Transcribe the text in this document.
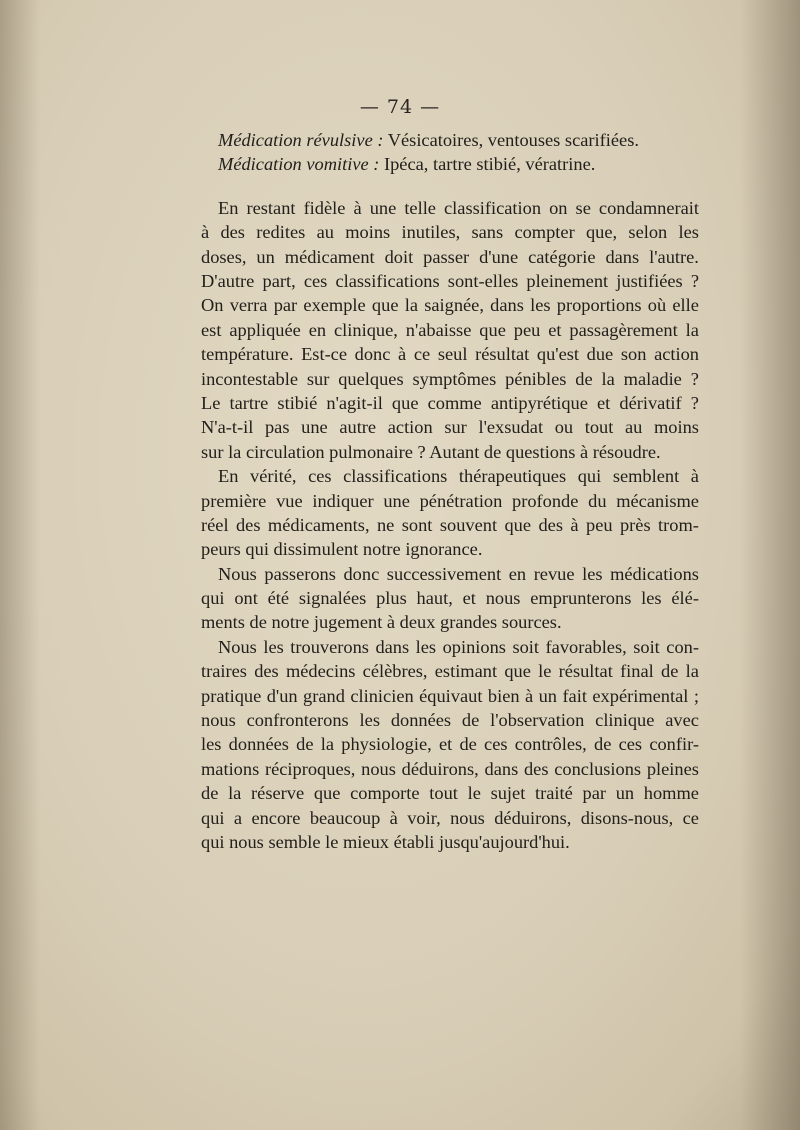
— 74 —
Médication révulsive : Vésicatoires, ventouses scarifiées.
Médication vomitive : Ipéca, tartre stibié, vératrine.
En restant fidèle à une telle classification on se condamnerait
à des redites au moins inutiles, sans compter que, selon les
doses, un médicament doit passer d'une catégorie dans l'autre.
D'autre part, ces classifications sont-elles pleinement justifiées ?
On verra par exemple que la saignée, dans les proportions où elle
est appliquée en clinique, n'abaisse que peu et passagèrement la
température. Est-ce donc à ce seul résultat qu'est due son action
incontestable sur quelques symptômes pénibles de la maladie ?
Le tartre stibié n'agit-il que comme antipyrétique et dérivatif ?
N'a-t-il pas une autre action sur l'exsudat ou tout au moins
sur la circulation pulmonaire ? Autant de questions à résoudre.
En vérité, ces classifications thérapeutiques qui semblent à
première vue indiquer une pénétration profonde du mécanisme
réel des médicaments, ne sont souvent que des à peu près trom-
peurs qui dissimulent notre ignorance.
Nous passerons donc successivement en revue les médications
qui ont été signalées plus haut, et nous emprunterons les élé-
ments de notre jugement à deux grandes sources.
Nous les trouverons dans les opinions soit favorables, soit con-
traires des médecins célèbres, estimant que le résultat final de la
pratique d'un grand clinicien équivaut bien à un fait expérimental ;
nous confronterons les données de l'observation clinique avec
les données de la physiologie, et de ces contrôles, de ces confir-
mations réciproques, nous déduirons, dans des conclusions pleines
de la réserve que comporte tout le sujet traité par un homme
qui a encore beaucoup à voir, nous déduirons, disons-nous, ce
qui nous semble le mieux établi jusqu'aujourd'hui.
